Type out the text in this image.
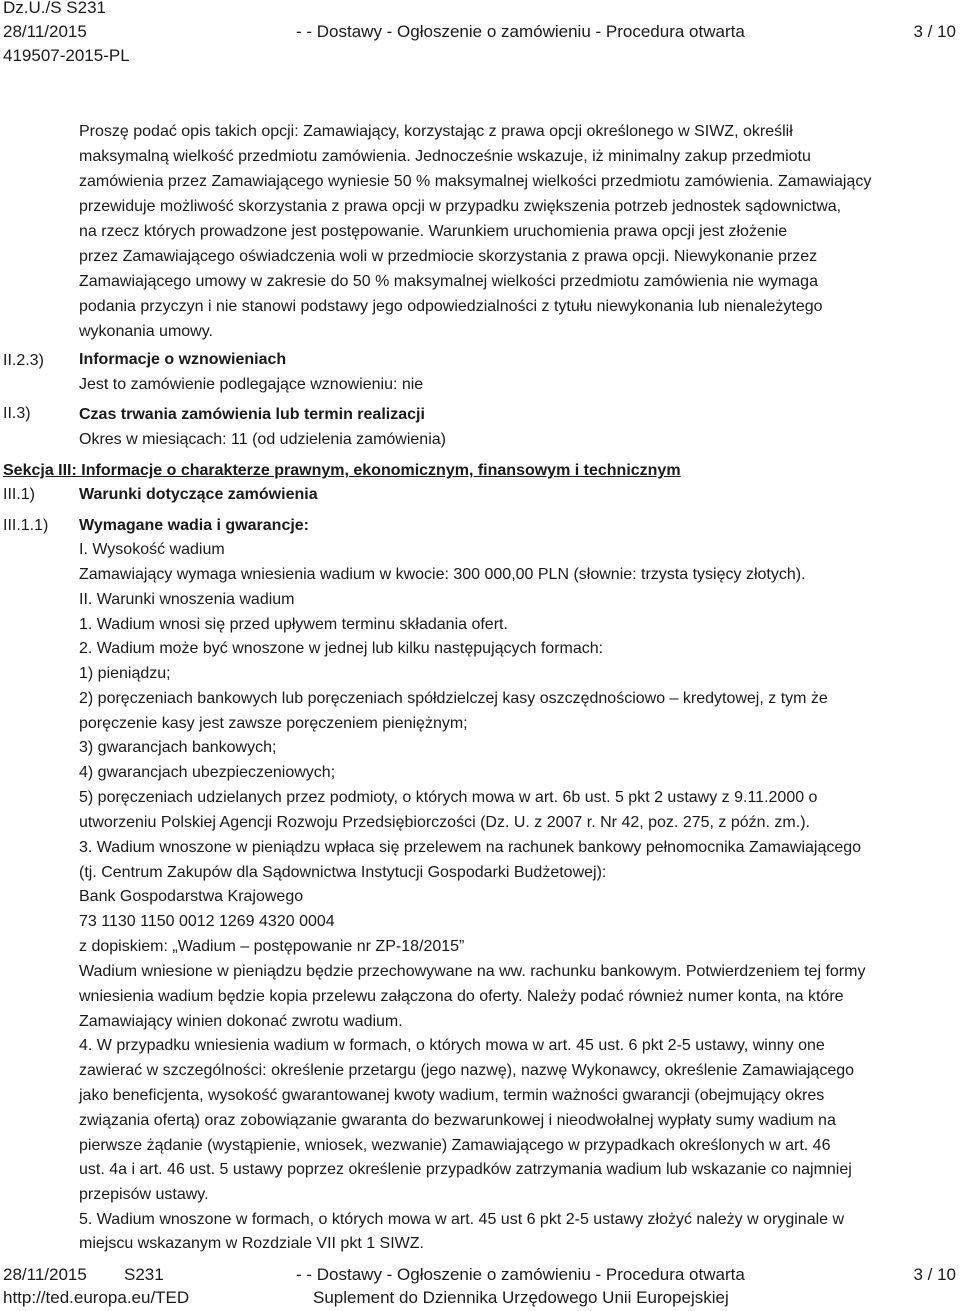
Dz.U./S S231
28/11/2015	- - Dostawy - Ogłoszenie o zamówieniu - Procedura otwarta	3 / 10
419507-2015-PL
Proszę podać opis takich opcji: Zamawiający, korzystając z prawa opcji określonego w SIWZ, określił
maksymalną wielkość przedmiotu zamówienia. Jednocześnie wskazuje, iż minimalny zakup przedmiotu
zamówienia przez Zamawiającego wyniesie 50 % maksymalnej wielkości przedmiotu zamówienia. Zamawiający
przewiduje możliwość skorzystania z prawa opcji w przypadku zwiększenia potrzeb jednostek sądownictwa,
na rzecz których prowadzone jest postępowanie. Warunkiem uruchomienia prawa opcji jest złożenie
przez Zamawiającego oświadczenia woli w przedmiocie skorzystania z prawa opcji. Niewykonanie przez
Zamawiającego umowy w zakresie do 50 % maksymalnej wielkości przedmiotu zamówienia nie wymaga
podania przyczyn i nie stanowi podstawy jego odpowiedzialności z tytułu niewykonania lub nienależytego
wykonania umowy.
II.2.3) Informacje o wznowieniach
Jest to zamówienie podlegające wznowieniu: nie
II.3)	Czas trwania zamówienia lub termin realizacji
Okres w miesiącach: 11 (od udzielenia zamówienia)
Sekcja III: Informacje o charakterze prawnym, ekonomicznym, finansowym i technicznym
III.1)	Warunki dotyczące zamówienia
III.1.1) Wymagane wadia i gwarancje:
I. Wysokość wadium
Zamawiający wymaga wniesienia wadium w kwocie: 300 000,00 PLN (słownie: trzysta tysięcy złotych).
II. Warunki wnoszenia wadium
1. Wadium wnosi się przed upływem terminu składania ofert.
2. Wadium może być wnoszone w jednej lub kilku następujących formach:
1) pieniądzu;
2) poręczeniach bankowych lub poręczeniach spółdzielczej kasy oszczędnościowo – kredytowej, z tym że
poręczenie kasy jest zawsze poręczeniem pieniężnym;
3) gwarancjach bankowych;
4) gwarancjach ubezpieczeniowych;
5) poręczeniach udzielanych przez podmioty, o których mowa w art. 6b ust. 5 pkt 2 ustawy z 9.11.2000 o
utworzeniu Polskiej Agencji Rozwoju Przedsiębiorczości (Dz. U. z 2007 r. Nr 42, poz. 275, z późn. zm.).
3. Wadium wnoszone w pieniądzu wpłaca się przelewem na rachunek bankowy pełnomocnika Zamawiającego
(tj. Centrum Zakupów dla Sądownictwa Instytucji Gospodarki Budżetowej):
Bank Gospodarstwa Krajowego
73 1130 1150 0012 1269 4320 0004
z dopiskiem: „Wadium – postępowanie nr ZP-18/2015”
Wadium wniesione w pieniądzu będzie przechowywane na ww. rachunku bankowym. Potwierdzeniem tej formy
wniesienia wadium będzie kopia przelewu załączona do oferty. Należy podać również numer konta, na które
Zamawiający winien dokonać zwrotu wadium.
4. W przypadku wniesienia wadium w formach, o których mowa w art. 45 ust. 6 pkt 2-5 ustawy, winny one
zawierać w szczególności: określenie przetargu (jego nazwę), nazwę Wykonawcy, określenie Zamawiającego
jako beneficjenta, wysokość gwarantowanej kwoty wadium, termin ważności gwarancji (obejmujący okres
związania ofertą) oraz zobowiązanie gwaranta do bezwarunkowej i nieodwołalnej wypłaty sumy wadium na
pierwsze żądanie (wystąpienie, wniosek, wezwanie) Zamawiającego w przypadkach określonych w art. 46
ust. 4a i art. 46 ust. 5 ustawy poprzez określenie przypadków zatrzymania wadium lub wskazanie co najmniej
przepisów ustawy.
5. Wadium wnoszone w formach, o których mowa w art. 45 ust 6 pkt 2-5 ustawy złożyć należy w oryginale w
miejscu wskazanym w Rozdziale VII pkt 1 SIWZ.
28/11/2015 S231	- - Dostawy - Ogłoszenie o zamówieniu - Procedura otwarta	3 / 10
http://ted.europa.eu/TED	Suplement do Dziennika Urzędowego Unii Europejskiej
